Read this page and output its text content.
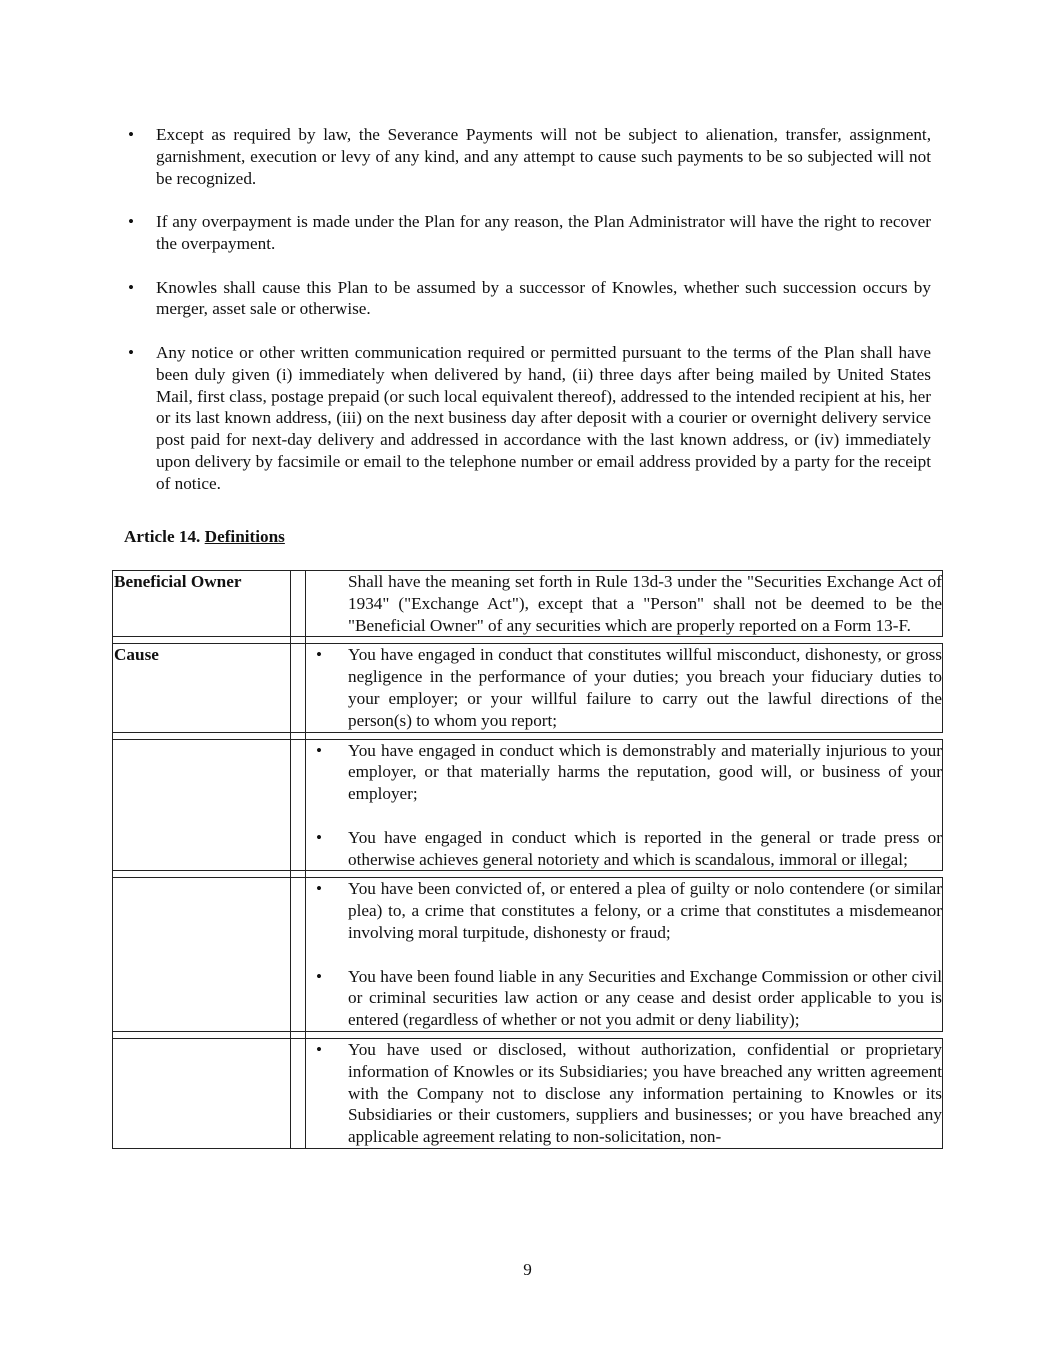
•	Except as required by law, the Severance Payments will not be subject to alienation, transfer, assignment, garnishment, execution or levy of any kind, and any attempt to cause such payments to be so subjected will not be recognized.
•	If any overpayment is made under the Plan for any reason, the Plan Administrator will have the right to recover the overpayment.
•	Knowles shall cause this Plan to be assumed by a successor of Knowles, whether such succession occurs by merger, asset sale or otherwise.
•	Any notice or other written communication required or permitted pursuant to the terms of the Plan shall have been duly given (i) immediately when delivered by hand, (ii) three days after being mailed by United States Mail, first class, postage prepaid (or such local equivalent thereof), addressed to the intended recipient at his, her or its last known address, (iii) on the next business day after deposit with a courier or overnight delivery service post paid for next-day delivery and addressed in accordance with the last known address, or (iv) immediately upon delivery by facsimile or email to the telephone number or email address provided by a party for the receipt of notice.
Article 14. Definitions
Beneficial Owner		Shall have the meaning set forth in Rule 13d-3 under the "Securities Exchange Act of 1934" ("Exchange Act"), except that a "Person" shall not be deemed to be the "Beneficial Owner" of any securities which are properly reported on a Form 13-F.

Cause		• You have engaged in conduct that constitutes willful misconduct, dishonesty, or gross negligence in the performance of your duties; you breach your fiduciary duties to your employer; or your willful failure to carry out the lawful directions of the person(s) to whom you report;

		• You have engaged in conduct which is demonstrably and materially injurious to your employer, or that materially harms the reputation, good will, or business of your employer;
• You have engaged in conduct which is reported in the general or trade press or otherwise achieves general notoriety and which is scandalous, immoral or illegal;

		• You have been convicted of, or entered a plea of guilty or nolo contendere (or similar plea) to, a crime that constitutes a felony, or a crime that constitutes a misdemeanor involving moral turpitude, dishonesty or fraud;
• You have been found liable in any Securities and Exchange Commission or other civil or criminal securities law action or any cease and desist order applicable to you is entered (regardless of whether or not you admit or deny liability);

		• You have used or disclosed, without authorization, confidential or proprietary information of Knowles or its Subsidiaries; you have breached any written agreement with the Company not to disclose any information pertaining to Knowles or its Subsidiaries or their customers, suppliers and businesses; or you have breached any applicable agreement relating to non-solicitation, non-
9
